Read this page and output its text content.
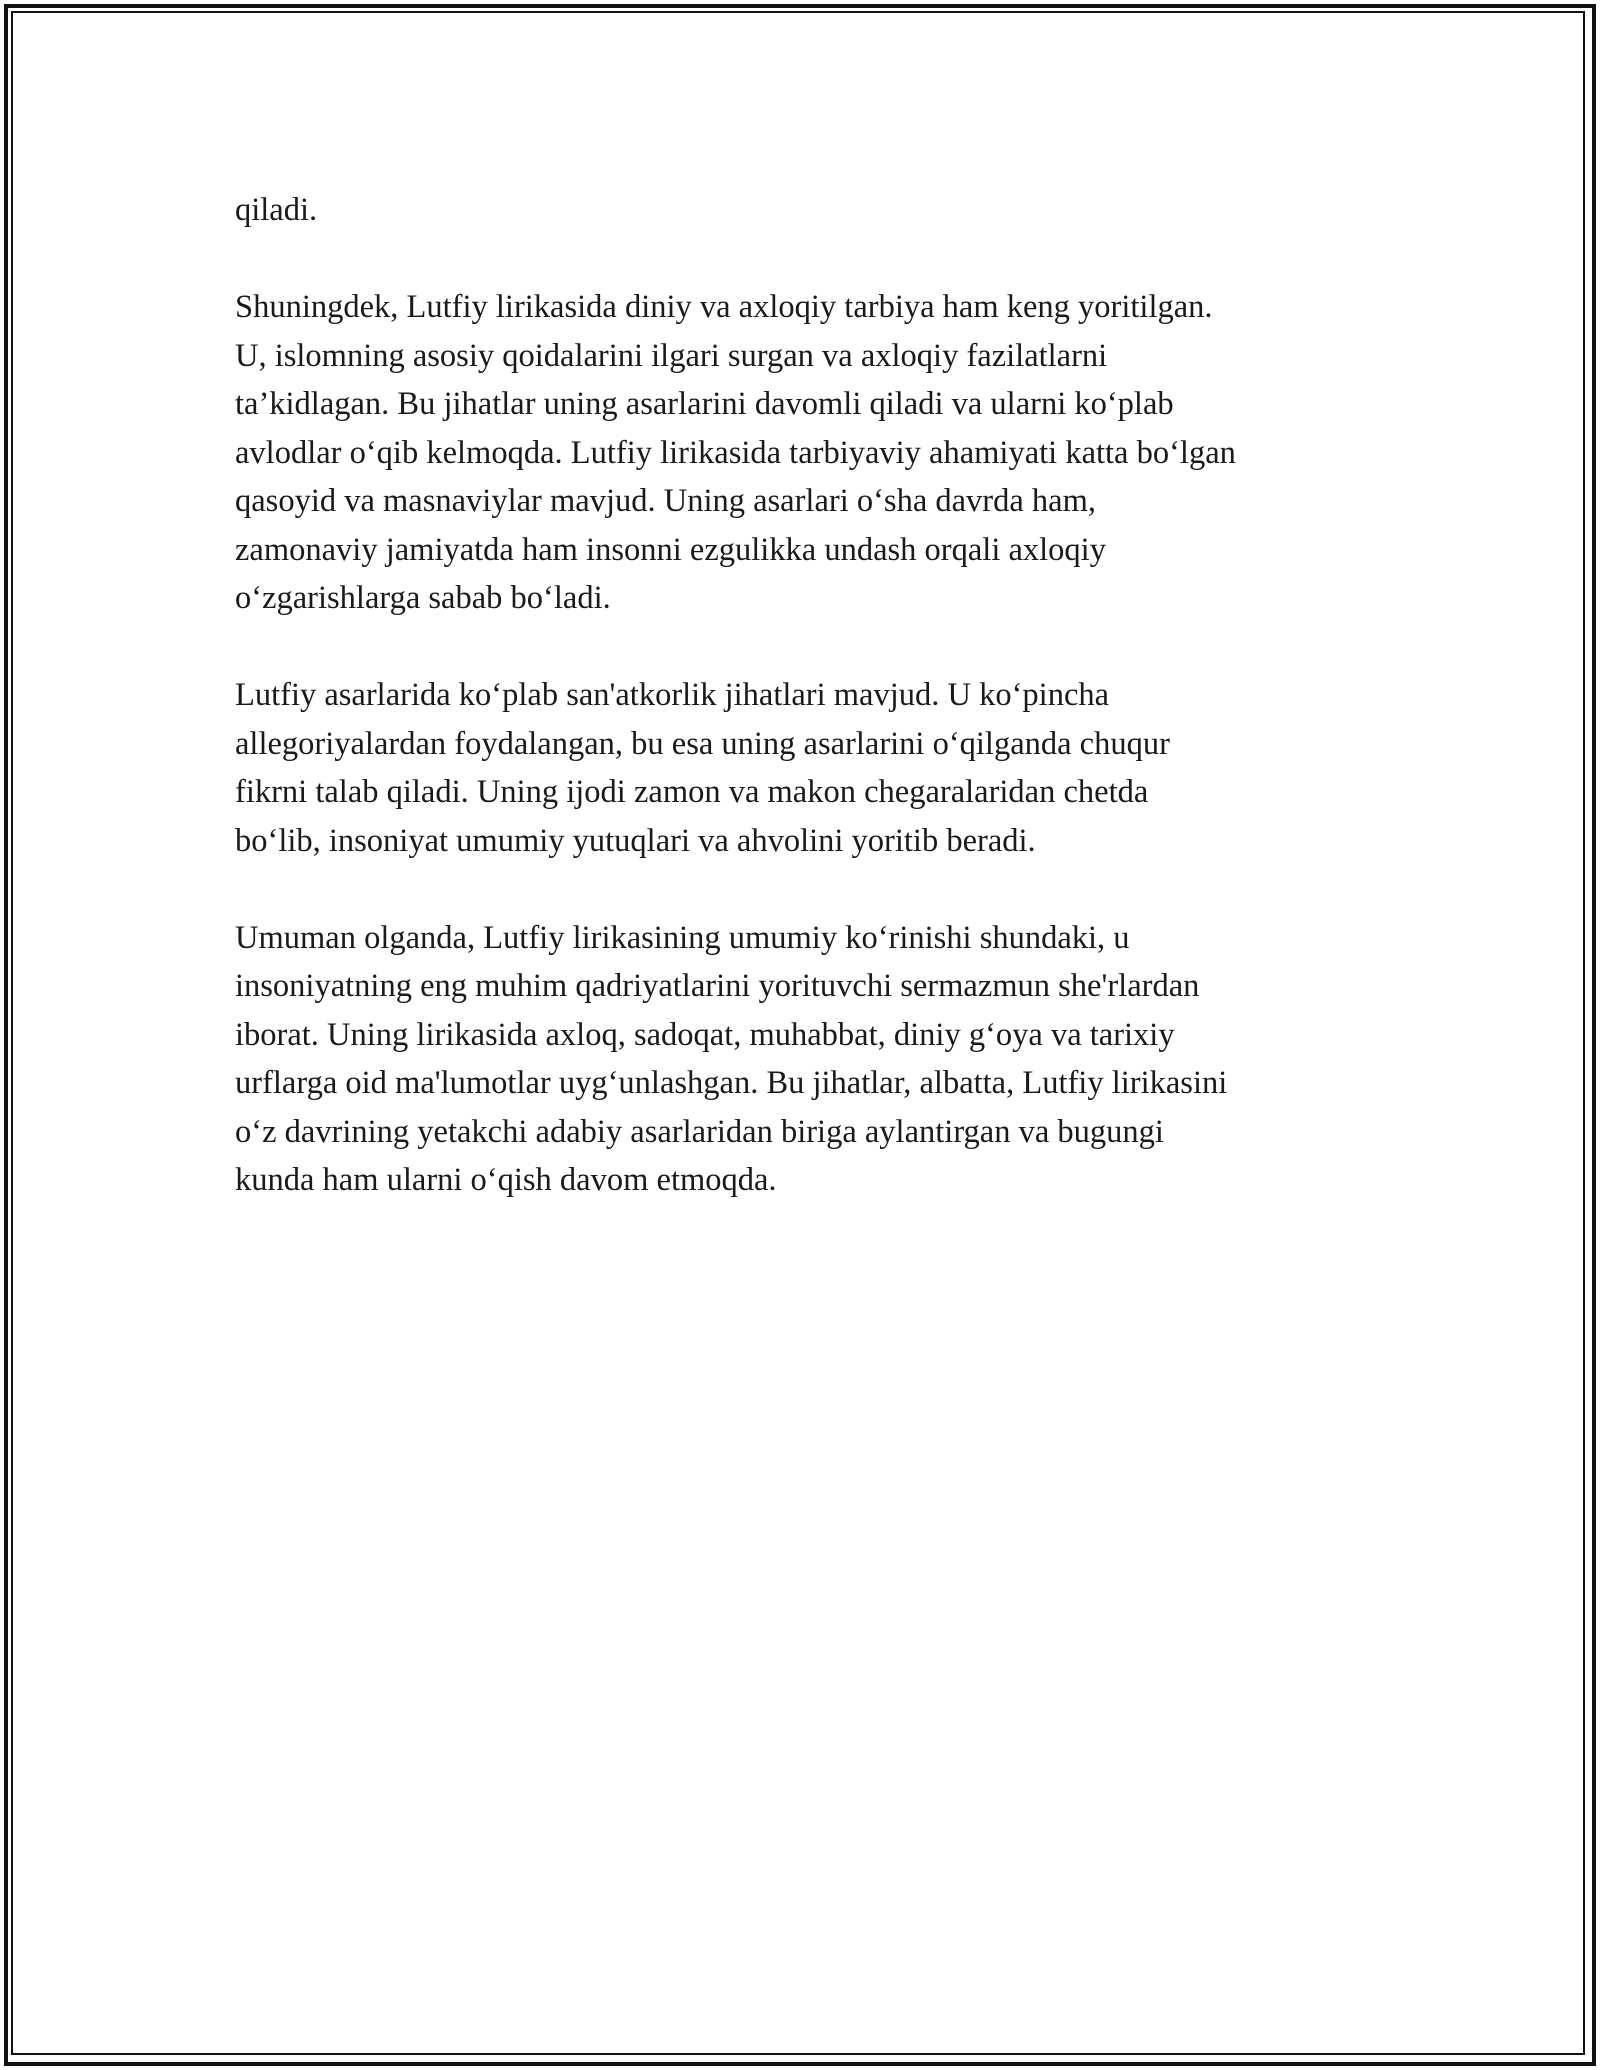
qiladi.

Shuningdek, Lutfiy lirikasida diniy va axloqiy tarbiya ham keng yoritilgan.
U, islomning asosiy qoidalarini ilgari surgan va axloqiy fazilatlarni
ta’kidlagan. Bu jihatlar uning asarlarini davomli qiladi va ularni ko‘plab
avlodlar o‘qib kelmoqda. Lutfiy lirikasida tarbiyaviy ahamiyati katta bo‘lgan
qasoyid va masnaviylar mavjud. Uning asarlari o‘sha davrda ham,
zamonaviy jamiyatda ham insonni ezgulikka undash orqali axloqiy
o‘zgarishlarga sabab bo‘ladi.

Lutfiy asarlarida ko‘plab san'atkorlik jihatlari mavjud. U ko‘pincha
allegoriyalardan foydalangan, bu esa uning asarlarini o‘qilganda chuqur
fikrni talab qiladi. Uning ijodi zamon va makon chegaralaridan chetda
bo‘lib, insoniyat umumiy yutuqlari va ahvolini yoritib beradi.

Umuman olganda, Lutfiy lirikasining umumiy ko‘rinishi shundaki, u
insoniyatning eng muhim qadriyatlarini yorituvchi sermazmun she'rlardan
iborat. Uning lirikasida axloq, sadoqat, muhabbat, diniy g‘oya va tarixiy
urflarga oid ma'lumotlar uyg‘unlashgan. Bu jihatlar, albatta, Lutfiy lirikasini
o‘z davrining yetakchi adabiy asarlaridan biriga aylantirgan va bugungi
kunda ham ularni o‘qish davom etmoqda.
